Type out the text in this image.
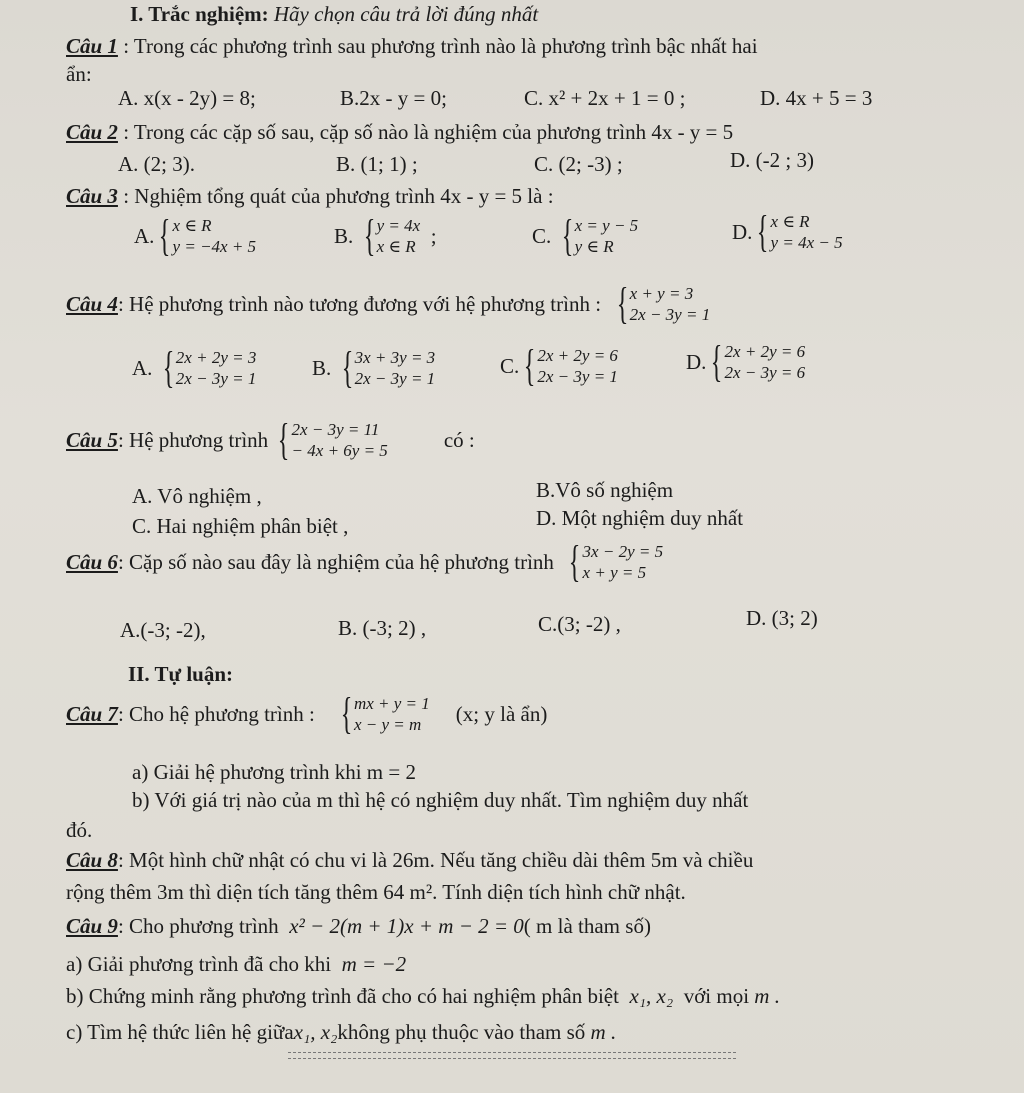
I. Trắc nghiệm: Hãy chọn câu trả lời đúng nhất
Câu 1 : Trong các phương trình sau phương trình nào là phương trình bậc nhất hai
ẩn:
A. x(x - 2y) = 8;	B.2x - y = 0;	C. x² + 2x + 1 = 0 ;	D. 4x + 5 = 3
Câu 2 : Trong các cặp số sau, cặp số nào là nghiệm của phương trình 4x - y = 5
A. (2; 3).	B. (1; 1) ;	C. (2; -3) ;	D. (-2 ; 3)
Câu 3 : Nghiệm tổng quát của phương trình 4x - y = 5 là :
A. { x ∈ R
y = −4x + 5	B.
{ y = 4x
x ∈ R
;	C.
{ x = y − 5
y ∈ R
D. { x ∈ R
y = 4x − 5
Câu 4 : Hệ phương trình nào tương đương với hệ phương trình :
{ x + y = 3
2x − 3y = 1
A.
{ 2x + 2y = 3
2x − 3y = 1	B.
{ 3x + 3y = 3
2x − 3y = 1
C. { 2x + 2y = 6
2x − 3y = 1
D. { 2x + 2y = 6
2x − 3y = 6
Câu 5 : Hệ phương trình
{ 2x − 3y = 11
− 4x + 6y = 5	có :
A. Vô nghiệm ,	B.Vô số nghiệm
C. Hai nghiệm phân biệt ,	D. Một nghiệm duy nhất
Câu 6 : Cặp số nào sau đây là nghiệm của hệ phương trình
{ 3x − 2y = 5
x + y = 5
A.(-3; -2),	B. (-3; 2) ,	C.(3; -2) ,	D. (3; 2)
II. Tự luận:
Câu 7 : Cho hệ phương trình :
{ mx + y = 1
x − y = m	(x; y là ẩn)
a) Giải hệ phương trình khi m = 2
b) Với giá trị nào của m thì hệ có nghiệm duy nhất. Tìm nghiệm duy nhất
đó.
Câu 8: Một hình chữ nhật có chu vi là 26m. Nếu tăng chiều dài thêm 5m và chiều
rộng thêm 3m thì diện tích tăng thêm 64 m². Tính diện tích hình chữ nhật.
Câu 9: Cho phương trình x² − 2(m + 1)x + m − 2 = 0( m là tham số)
a) Giải phương trình đã cho khi m = −2
b) Chứng minh rằng phương trình đã cho có hai nghiệm phân biệt x₁, x₂ với mọi m .
c) Tìm hệ thức liên hệ giữax₁, x₂không phụ thuộc vào tham số m .
